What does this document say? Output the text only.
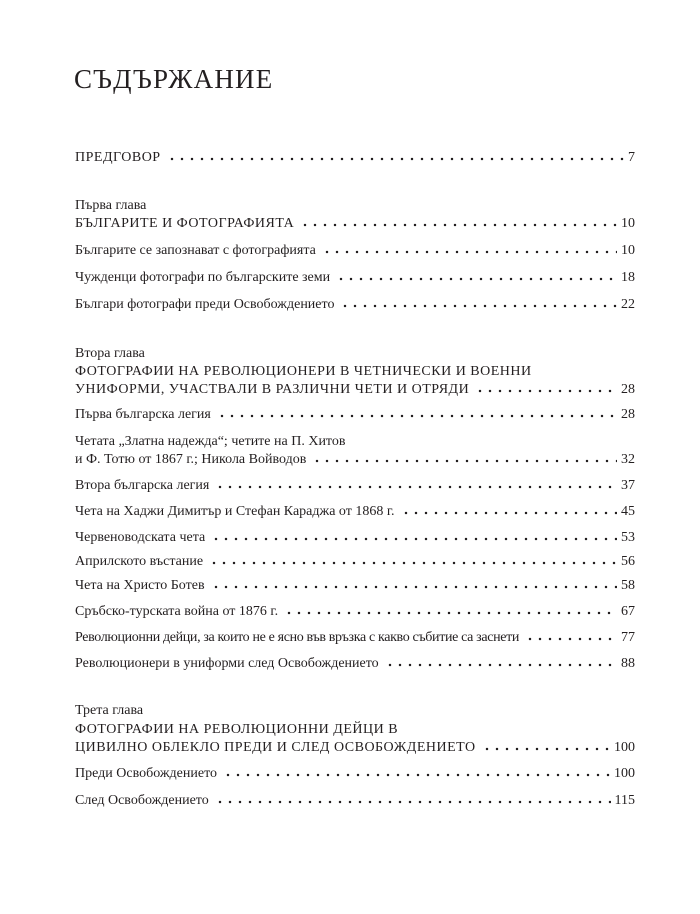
СЪДЪРЖАНИЕ
ПРЕДГОВОР	7
Първа глава
БЪЛГАРИТЕ И ФОТОГРАФИЯТА	10
Българите се запознават с фотографията	10
Чужденци фотографи по българските земи	18
Българи фотографи преди Освобождението	22
Втора глава
ФОТОГРАФИИ НА РЕВОЛЮЦИОНЕРИ В ЧЕТНИЧЕСКИ И ВОЕННИ
УНИФОРМИ, УЧАСТВАЛИ В РАЗЛИЧНИ ЧЕТИ И ОТРЯДИ	28
Първа българска легия	28
Четата „Златна надежда“; четите на П. Хитов
и Ф. Тотю от 1867 г.; Никола Войводов	32
Втора българска легия	37
Чета на Хаджи Димитър и Стефан Караджа от 1868 г.	45
Червеноводската чета	53
Априлското въстание	56
Чета на Христо Ботев	58
Сръбско-турската война от 1876 г.	67
Революционни дейци, за които не е ясно във връзка с какво събитие са заснети	77
Революционери в униформи след Освобождението	88
Трета глава
ФОТОГРАФИИ НА РЕВОЛЮЦИОННИ ДЕЙЦИ В
ЦИВИЛНО ОБЛЕКЛО ПРЕДИ И СЛЕД ОСВОБОЖДЕНИЕТО	100
Преди Освобождението	100
След Освобождението	115
